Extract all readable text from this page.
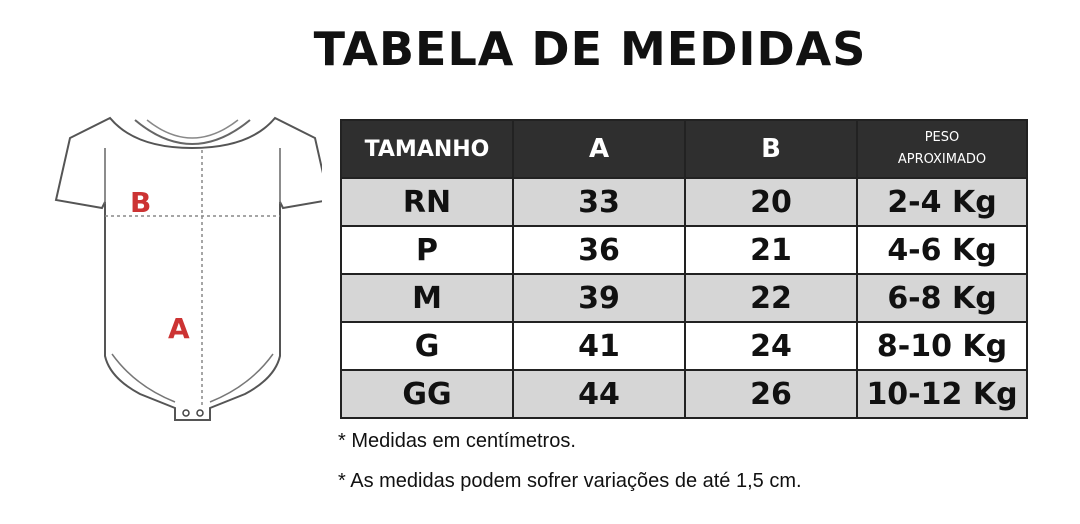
TABELA DE MEDIDAS
B
A
TAMANHO	A	B	PESO
APROXIMADO

RN	33	20	2-4 Kg
P	36	21	4-6 Kg
M	39	22	6-8 Kg
G	41	24	8-10 Kg
GG	44	26	10-12 Kg
* Medidas em centímetros.
* As medidas podem sofrer variações de até 1,5 cm.
